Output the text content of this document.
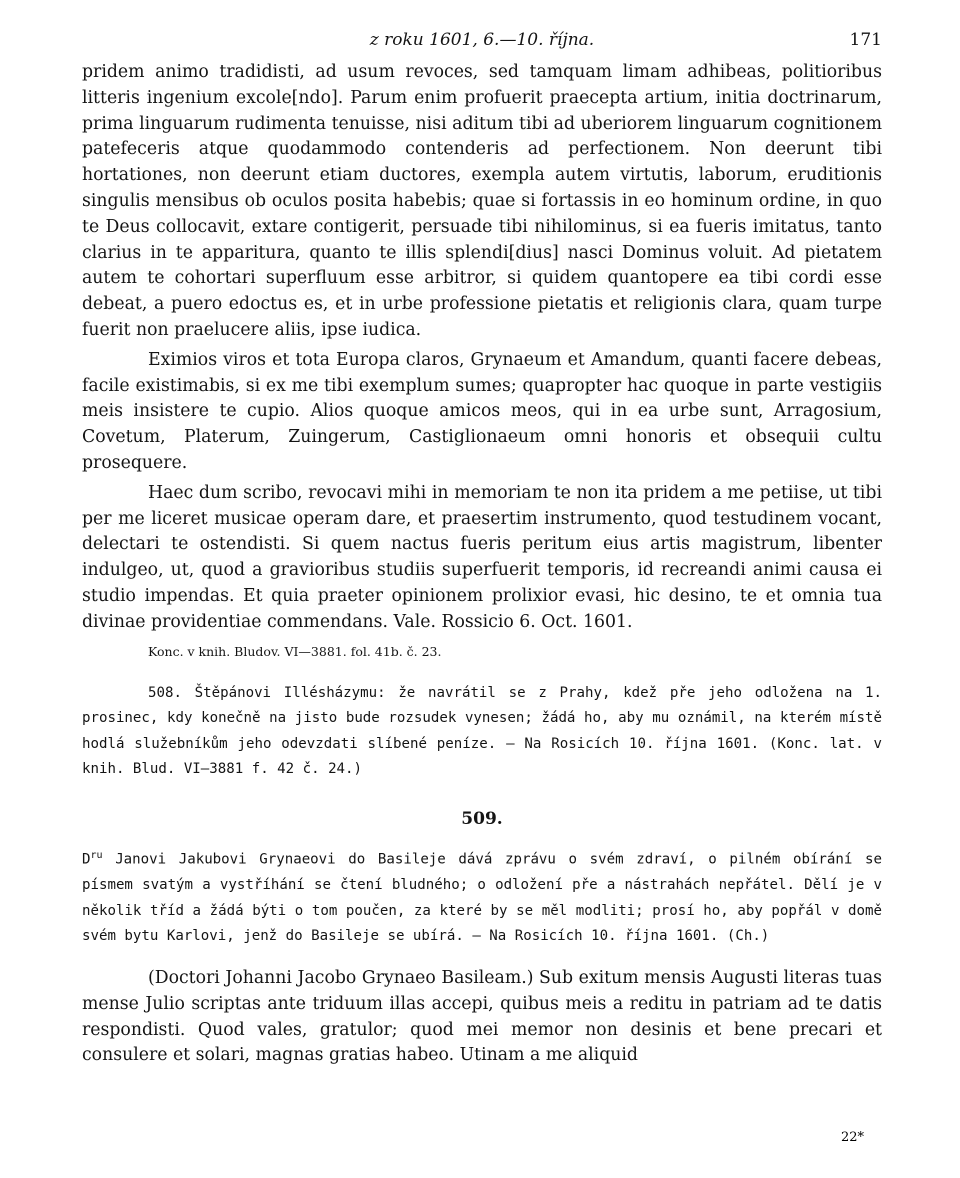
z roku 1601, 6.—10. října.	171

pridem animo tradidisti, ad usum revoces, sed tamquam limam adhibeas, politioribus litteris ingenium excole[ndo]. Parum enim profuerit praecepta artium, initia doctrinarum, prima linguarum rudimenta tenuisse, nisi aditum tibi ad uberiorem linguarum cognitionem patefeceris atque quodammodo contenderis ad perfectionem. Non deerunt tibi hortationes, non deerunt etiam ductores, exempla autem virtutis, laborum, eruditionis singulis mensibus ob oculos posita habebis; quae si fortassis in eo hominum ordine, in quo te Deus collocavit, extare contigerit, persuade tibi nihilominus, si ea fueris imitatus, tanto clarius in te apparitura, quanto te illis splendi[dius] nasci Dominus voluit. Ad pietatem autem te cohortari superfluum esse arbitror, si quidem quantopere ea tibi cordi esse debeat, a puero edoctus es, et in urbe professione pietatis et religionis clara, quam turpe fuerit non praelucere aliis, ipse iudica.

Eximios viros et tota Europa claros, Grynaeum et Amandum, quanti facere debeas, facile existimabis, si ex me tibi exemplum sumes; quapropter hac quoque in parte vestigiis meis insistere te cupio. Alios quoque amicos meos, qui in ea urbe sunt, Arragosium, Covetum, Platerum, Zuingerum, Castiglionaeum omni honoris et obsequii cultu prosequere.

Haec dum scribo, revocavi mihi in memoriam te non ita pridem a me petiise, ut tibi per me liceret musicae operam dare, et praesertim instrumento, quod testudinem vocant, delectari te ostendisti. Si quem nactus fueris peritum eius artis magistrum, libenter indulgeo, ut, quod a gravioribus studiis superfuerit temporis, id recreandi animi causa ei studio impendas. Et quia praeter opinionem prolixior evasi, hic desino, te et omnia tua divinae providentiae commendans. Vale. Rossicio 6. Oct. 1601.

Konc. v knih. Bludov. VI—3881. fol. 41b. č. 23.

508. Štěpánovi Illésházymu: že navrátil se z Prahy, kdež pře jeho odložena na 1. prosinec, kdy konečně na jisto bude rozsudek vynesen; žádá ho, aby mu oznámil, na kterém místě hodlá služebníkům jeho odevzdati slíbené peníze. — Na Rosicích 10. října 1601. (Konc. lat. v knih. Blud. VI—3881 f. 42 č. 24.)

509.

$D^{ru}$ Janovi Jakubovi Grynaeovi do Basileje dává zprávu o svém zdraví, o pilném obírání se písmem svatým a vystříhání se čtení bludného; o odložení pře a nástrahách nepřátel. Dělí je v několik tříd a žádá býti o tom poučen, za které by se měl modliti; prosí ho, aby popřál v domě svém bytu Karlovi, jenž do Basileje se ubírá. — Na Rosicích 10. října 1601. (Ch.)

(Doctori Johanni Jacobo Grynaeo Basileam.) Sub exitum mensis Augusti literas tuas mense Julio scriptas ante triduum illas accepi, quibus meis a reditu in patriam ad te datis respondisti. Quod vales, gratulor; quod mei memor non desinis et bene precari et consulere et solari, magnas gratias habeo. Utinam a me aliquid

22*
